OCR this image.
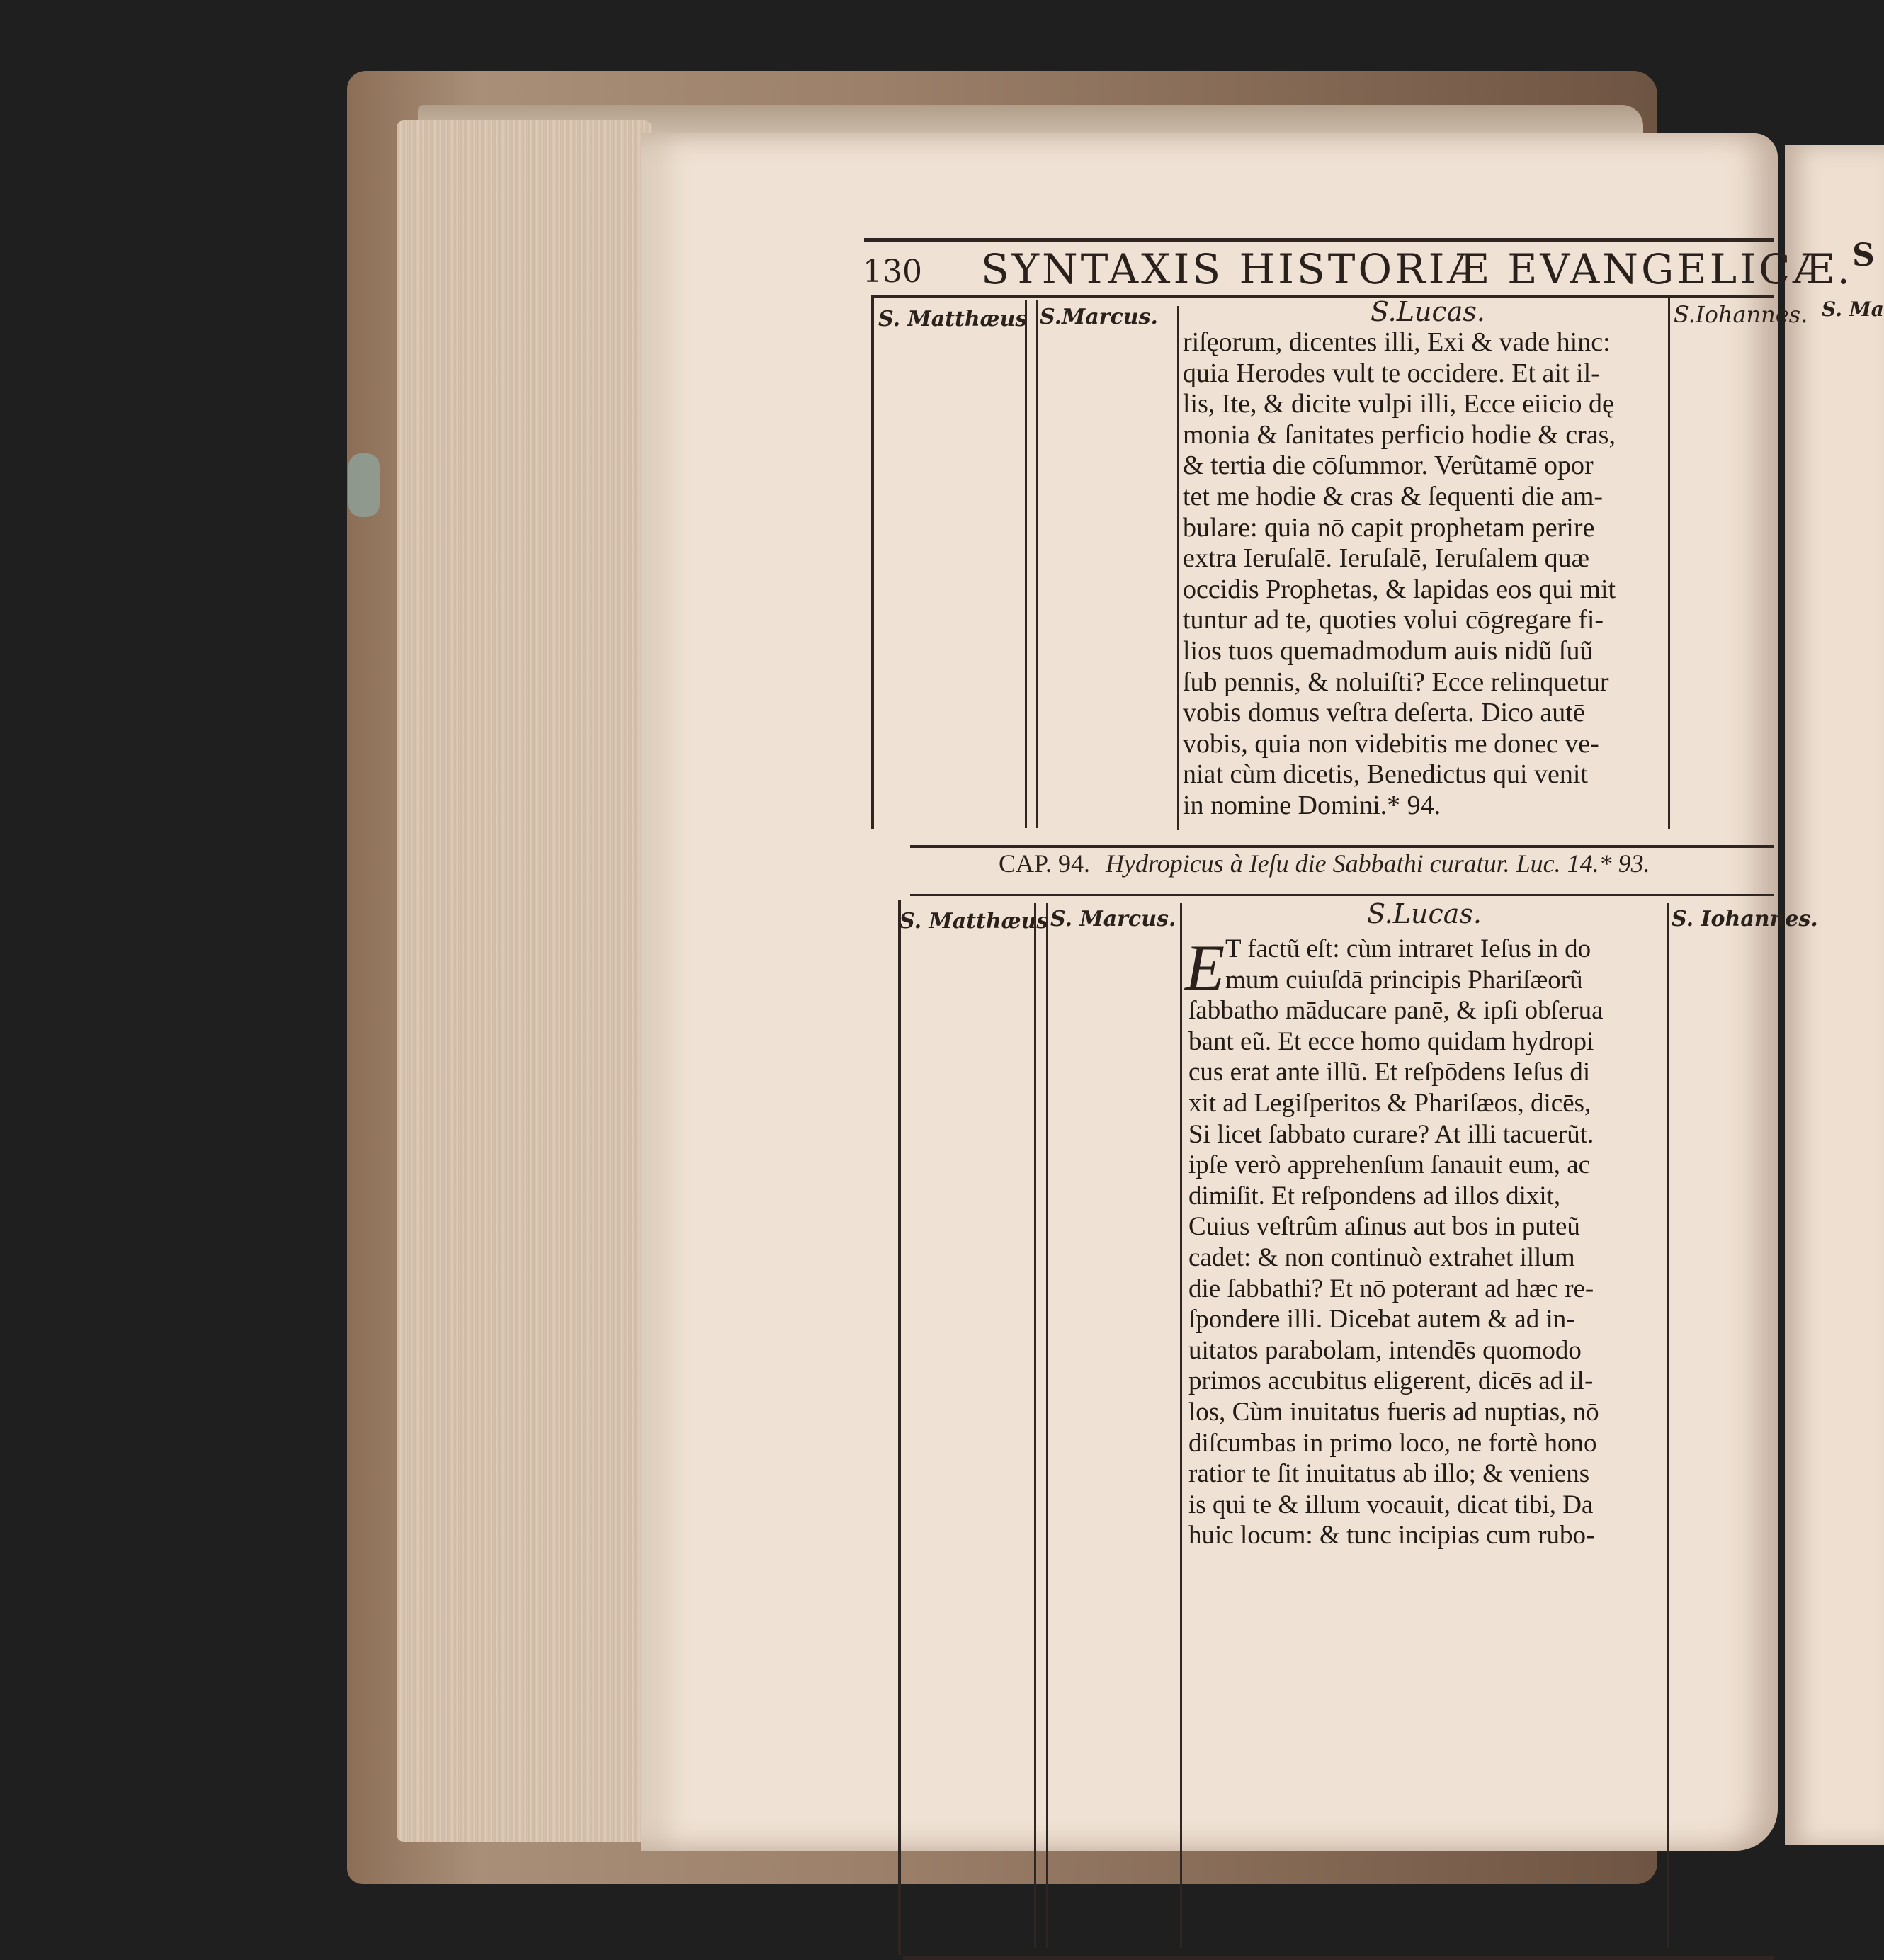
S
S. Ma
130 SYNTAXIS HISTORIÆ EVANGELICÆ.
S. Matthæus S.Marcus.	S.Lucas.	S.Iohannes.
riſęorum, dicentes illi, Exi & vade hinc:
quia Herodes vult te occidere. Et ait il-
lis, Ite, & dicite vulpi illi, Ecce eiicio dę
monia & ſanitates perficio hodie & cras,
& tertia die cōſummor. Verũtamē opor
tet me hodie & cras & ſequenti die am-
bulare: quia nō capit prophetam perire
extra Ieruſalē. Ieruſalē, Ieruſalem quæ
occidis Prophetas, & lapidas eos qui mit
tuntur ad te, quoties volui cōgregare fi-
lios tuos quemadmodum auis nidũ ſuũ
ſub pennis, & noluiſti? Ecce relinquetur
vobis domus veſtra deſerta. Dico autē
vobis, quia non videbitis me donec ve-
niat cùm dicetis, Benedictus qui venit
in nomine Domini.* 94.
CAP. 94. Hydropicus à Ieſu die Sabbathi curatur. Luc. 14.* 93.
S. Matthæus S. Marcus.	S.Lucas.	S. Iohannes.
E T factũ eſt: cùm intraret Ieſus in do
mum cuiuſdā principis Phariſæorũ
ſabbatho māducare panē, & ipſi obſerua
bant eũ. Et ecce homo quidam hydropi
cus erat ante illũ. Et reſpōdens Ieſus di
xit ad Legiſperitos & Phariſæos, dicēs,
Si licet ſabbato curare? At illi tacuerũt.
ipſe verò apprehenſum ſanauit eum, ac
dimiſit. Et reſpondens ad illos dixit,
Cuius veſtrûm aſinus aut bos in puteũ
cadet: & non continuò extrahet illum
die ſabbathi? Et nō poterant ad hæc re-
ſpondere illi. Dicebat autem & ad in-
uitatos parabolam, intendēs quomodo
primos accubitus eligerent, dicēs ad il-
los, Cùm inuitatus fueris ad nuptias, nō
diſcumbas in primo loco, ne fortè hono
ratior te ſit inuitatus ab illo; & veniens
is qui te & illum vocauit, dicat tibi, Da
huic locum: & tunc incipias cum rubo-
